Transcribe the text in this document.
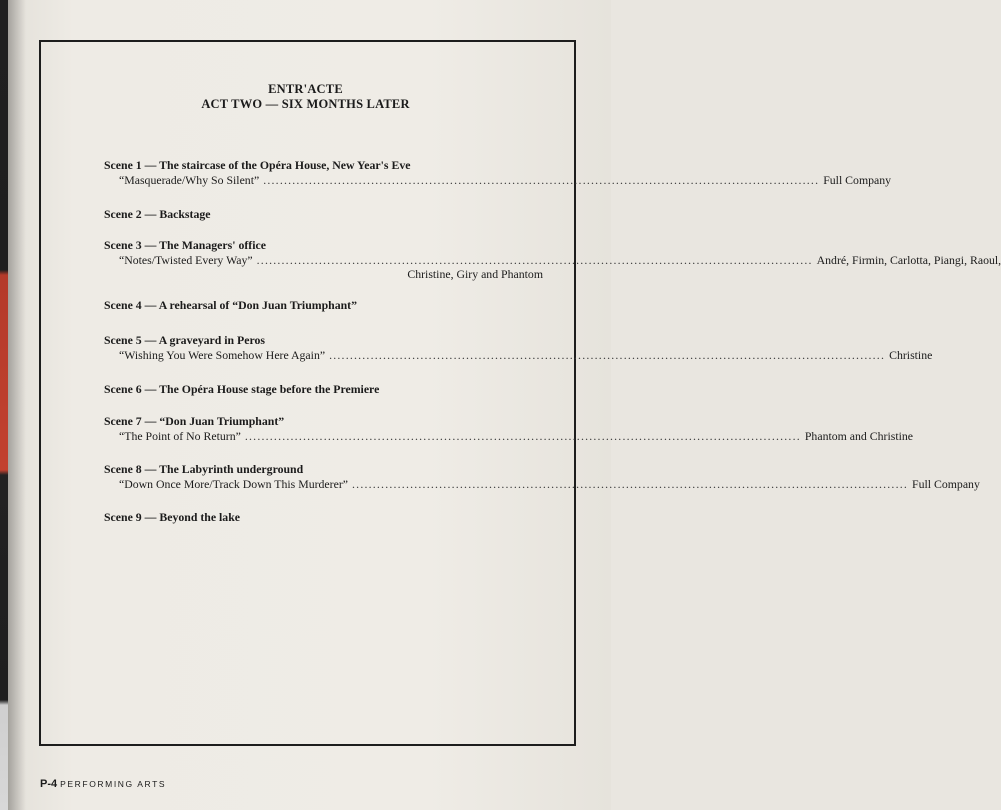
ENTR'ACTE
ACT TWO — SIX MONTHS LATER
Scene 1 — The staircase of the Opéra House, New Year's Eve
“Masquerade/Why So Silent” ...................................................................................................................................... Full Company
Scene 2 — Backstage
Scene 3 — The Managers' office
“Notes/Twisted Every Way” ...................................................................................................................................... André, Firmin, Carlotta, Piangi, Raoul,
Christine, Giry and Phantom
Scene 4 — A rehearsal of “Don Juan Triumphant”
Scene 5 — A graveyard in Peros
“Wishing You Were Somehow Here Again” ...................................................................................................................................... Christine
Scene 6 — The Opéra House stage before the Premiere
Scene 7 — “Don Juan Triumphant”
“The Point of No Return” ...................................................................................................................................... Phantom and Christine
Scene 8 — The Labyrinth underground
“Down Once More/Track Down This Murderer” ...................................................................................................................................... Full Company
Scene 9 — Beyond the lake
P-4 PERFORMING ARTS
